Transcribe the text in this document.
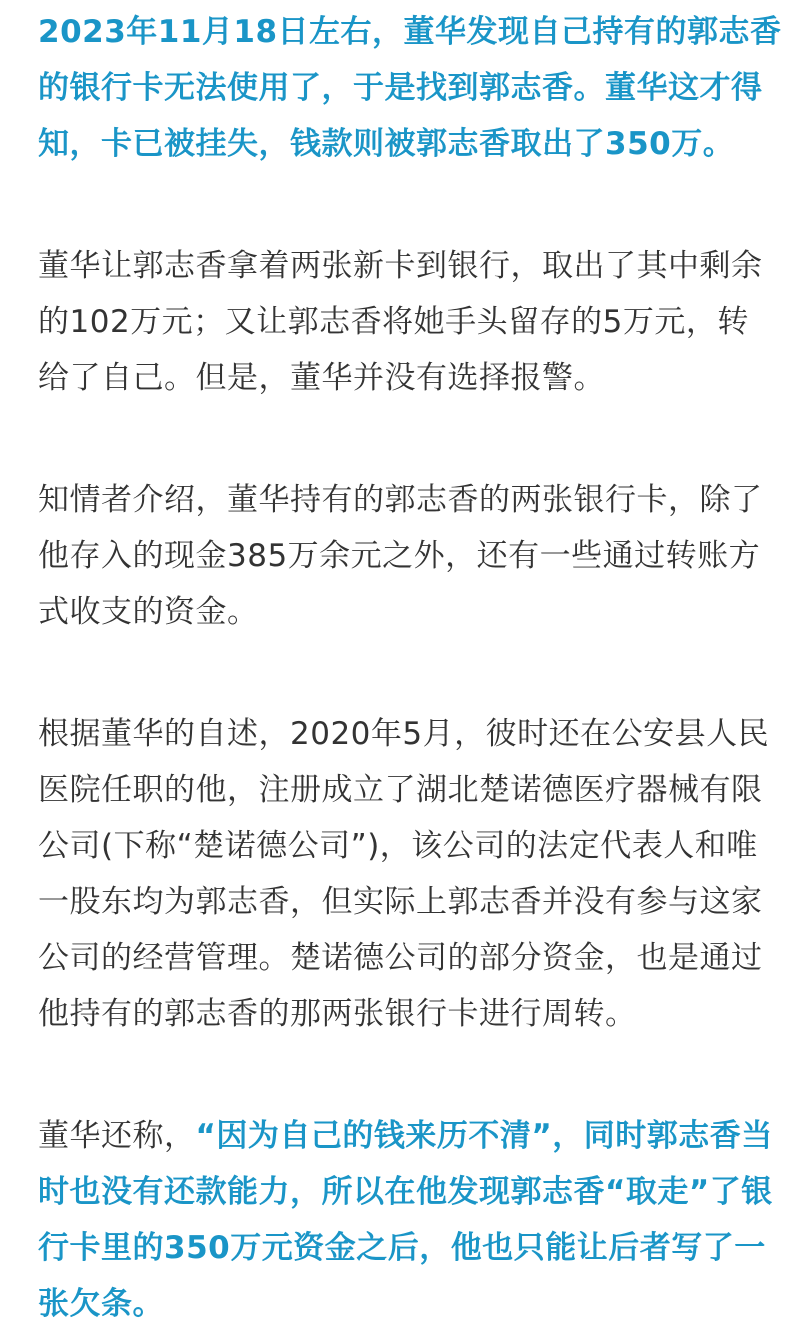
2023年11月18日左右，董华发现自己持有的郭志香
的银行卡无法使用了，于是找到郭志香。董华这才得
知，卡已被挂失，钱款则被郭志香取出了350万。

董华让郭志香拿着两张新卡到银行，取出了其中剩余
的102万元；又让郭志香将她手头留存的5万元，转
给了自己。但是，董华并没有选择报警。

知情者介绍，董华持有的郭志香的两张银行卡，除了
他存入的现金385万余元之外，还有一些通过转账方
式收支的资金。

根据董华的自述，2020年5月，彼时还在公安县人民
医院任职的他，注册成立了湖北楚诺德医疗器械有限
公司(下称“楚诺德公司”)，该公司的法定代表人和唯
一股东均为郭志香，但实际上郭志香并没有参与这家
公司的经营管理。楚诺德公司的部分资金，也是通过
他持有的郭志香的那两张银行卡进行周转。

董华还称，“因为自己的钱来历不清”，同时郭志香当
时也没有还款能力，所以在他发现郭志香“取走”了银
行卡里的350万元资金之后，他也只能让后者写了一
张欠条。
